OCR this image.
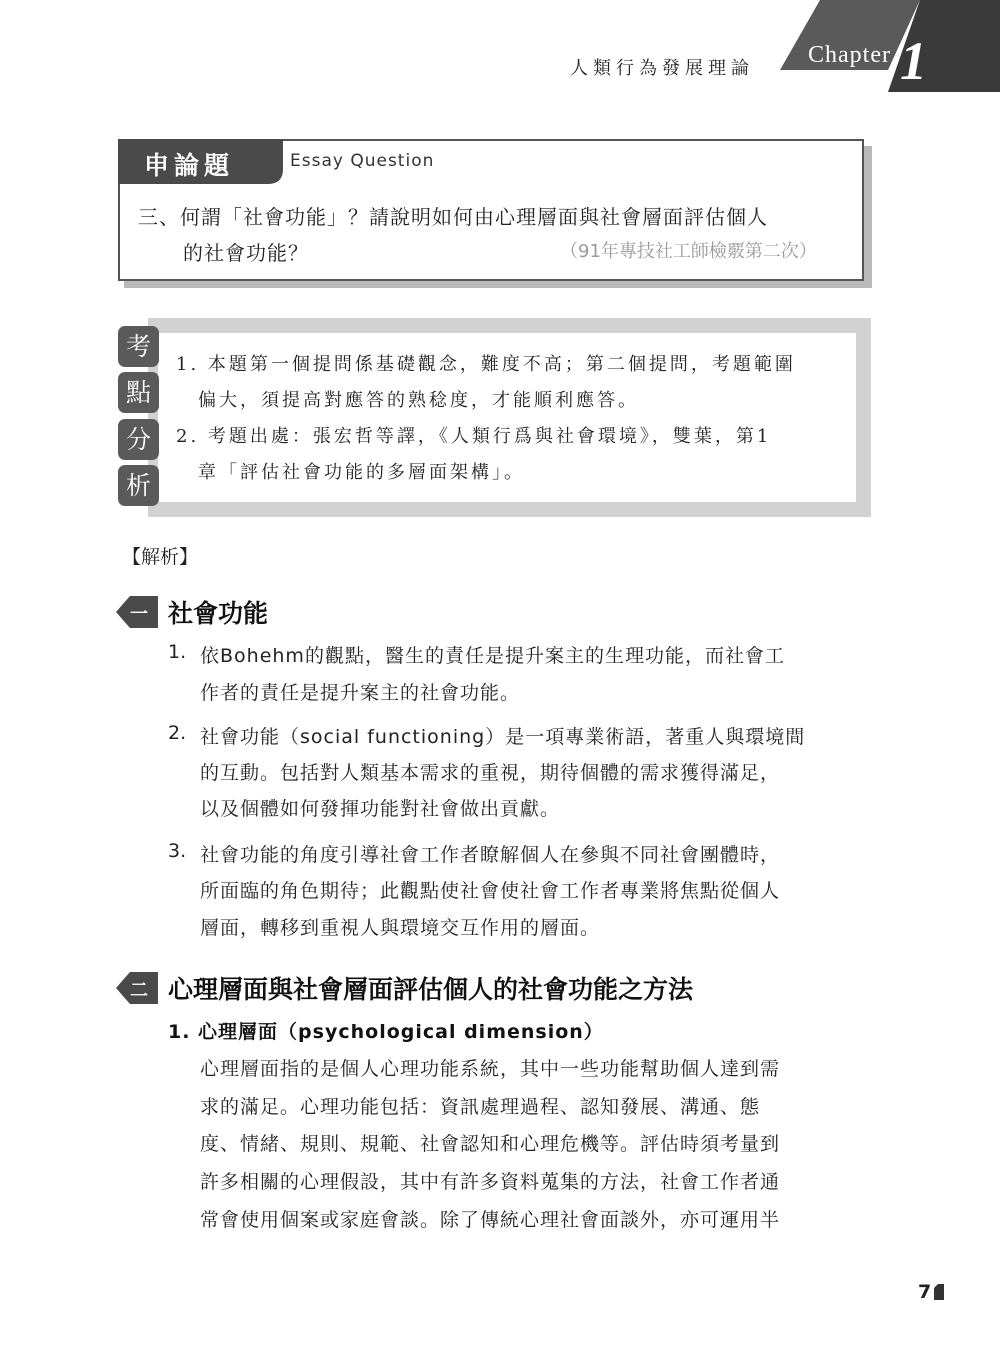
人類行為發展理論
Chapter 1
申論題	Essay Question
三、何謂「社會功能」？請說明如何由心理層面與社會層面評估個人
的社會功能？	（91年專技社工師檢覈第二次）
考
點
分
析
1. 本題第一個提問係基礎觀念，難度不高；第二個提問，考題範圍
偏大，須提高對應答的熟稔度，才能順利應答。
2. 考題出處：張宏哲等譯，《人類行爲與社會環境》，雙葉，第1
章「評估社會功能的多層面架構」。
【解析】
一 社會功能
1. 依Bohehm的觀點，醫生的責任是提升案主的生理功能，而社會工
作者的責任是提升案主的社會功能。
2. 社會功能（social functioning）是一項專業術語，著重人與環境間
的互動。包括對人類基本需求的重視，期待個體的需求獲得滿足，
以及個體如何發揮功能對社會做出貢獻。
3. 社會功能的角度引導社會工作者瞭解個人在參與不同社會團體時，
所面臨的角色期待；此觀點使社會使社會工作者專業將焦點從個人
層面，轉移到重視人與環境交互作用的層面。
二 心理層面與社會層面評估個人的社會功能之方法
1. 心理層面（psychological dimension）
心理層面指的是個人心理功能系統，其中一些功能幫助個人達到需
求的滿足。心理功能包括：資訊處理過程、認知發展、溝通、態
度、情緒、規則、規範、社會認知和心理危機等。評估時須考量到
許多相關的心理假設，其中有許多資料蒐集的方法，社會工作者通
常會使用個案或家庭會談。除了傳統心理社會面談外，亦可運用半
7
